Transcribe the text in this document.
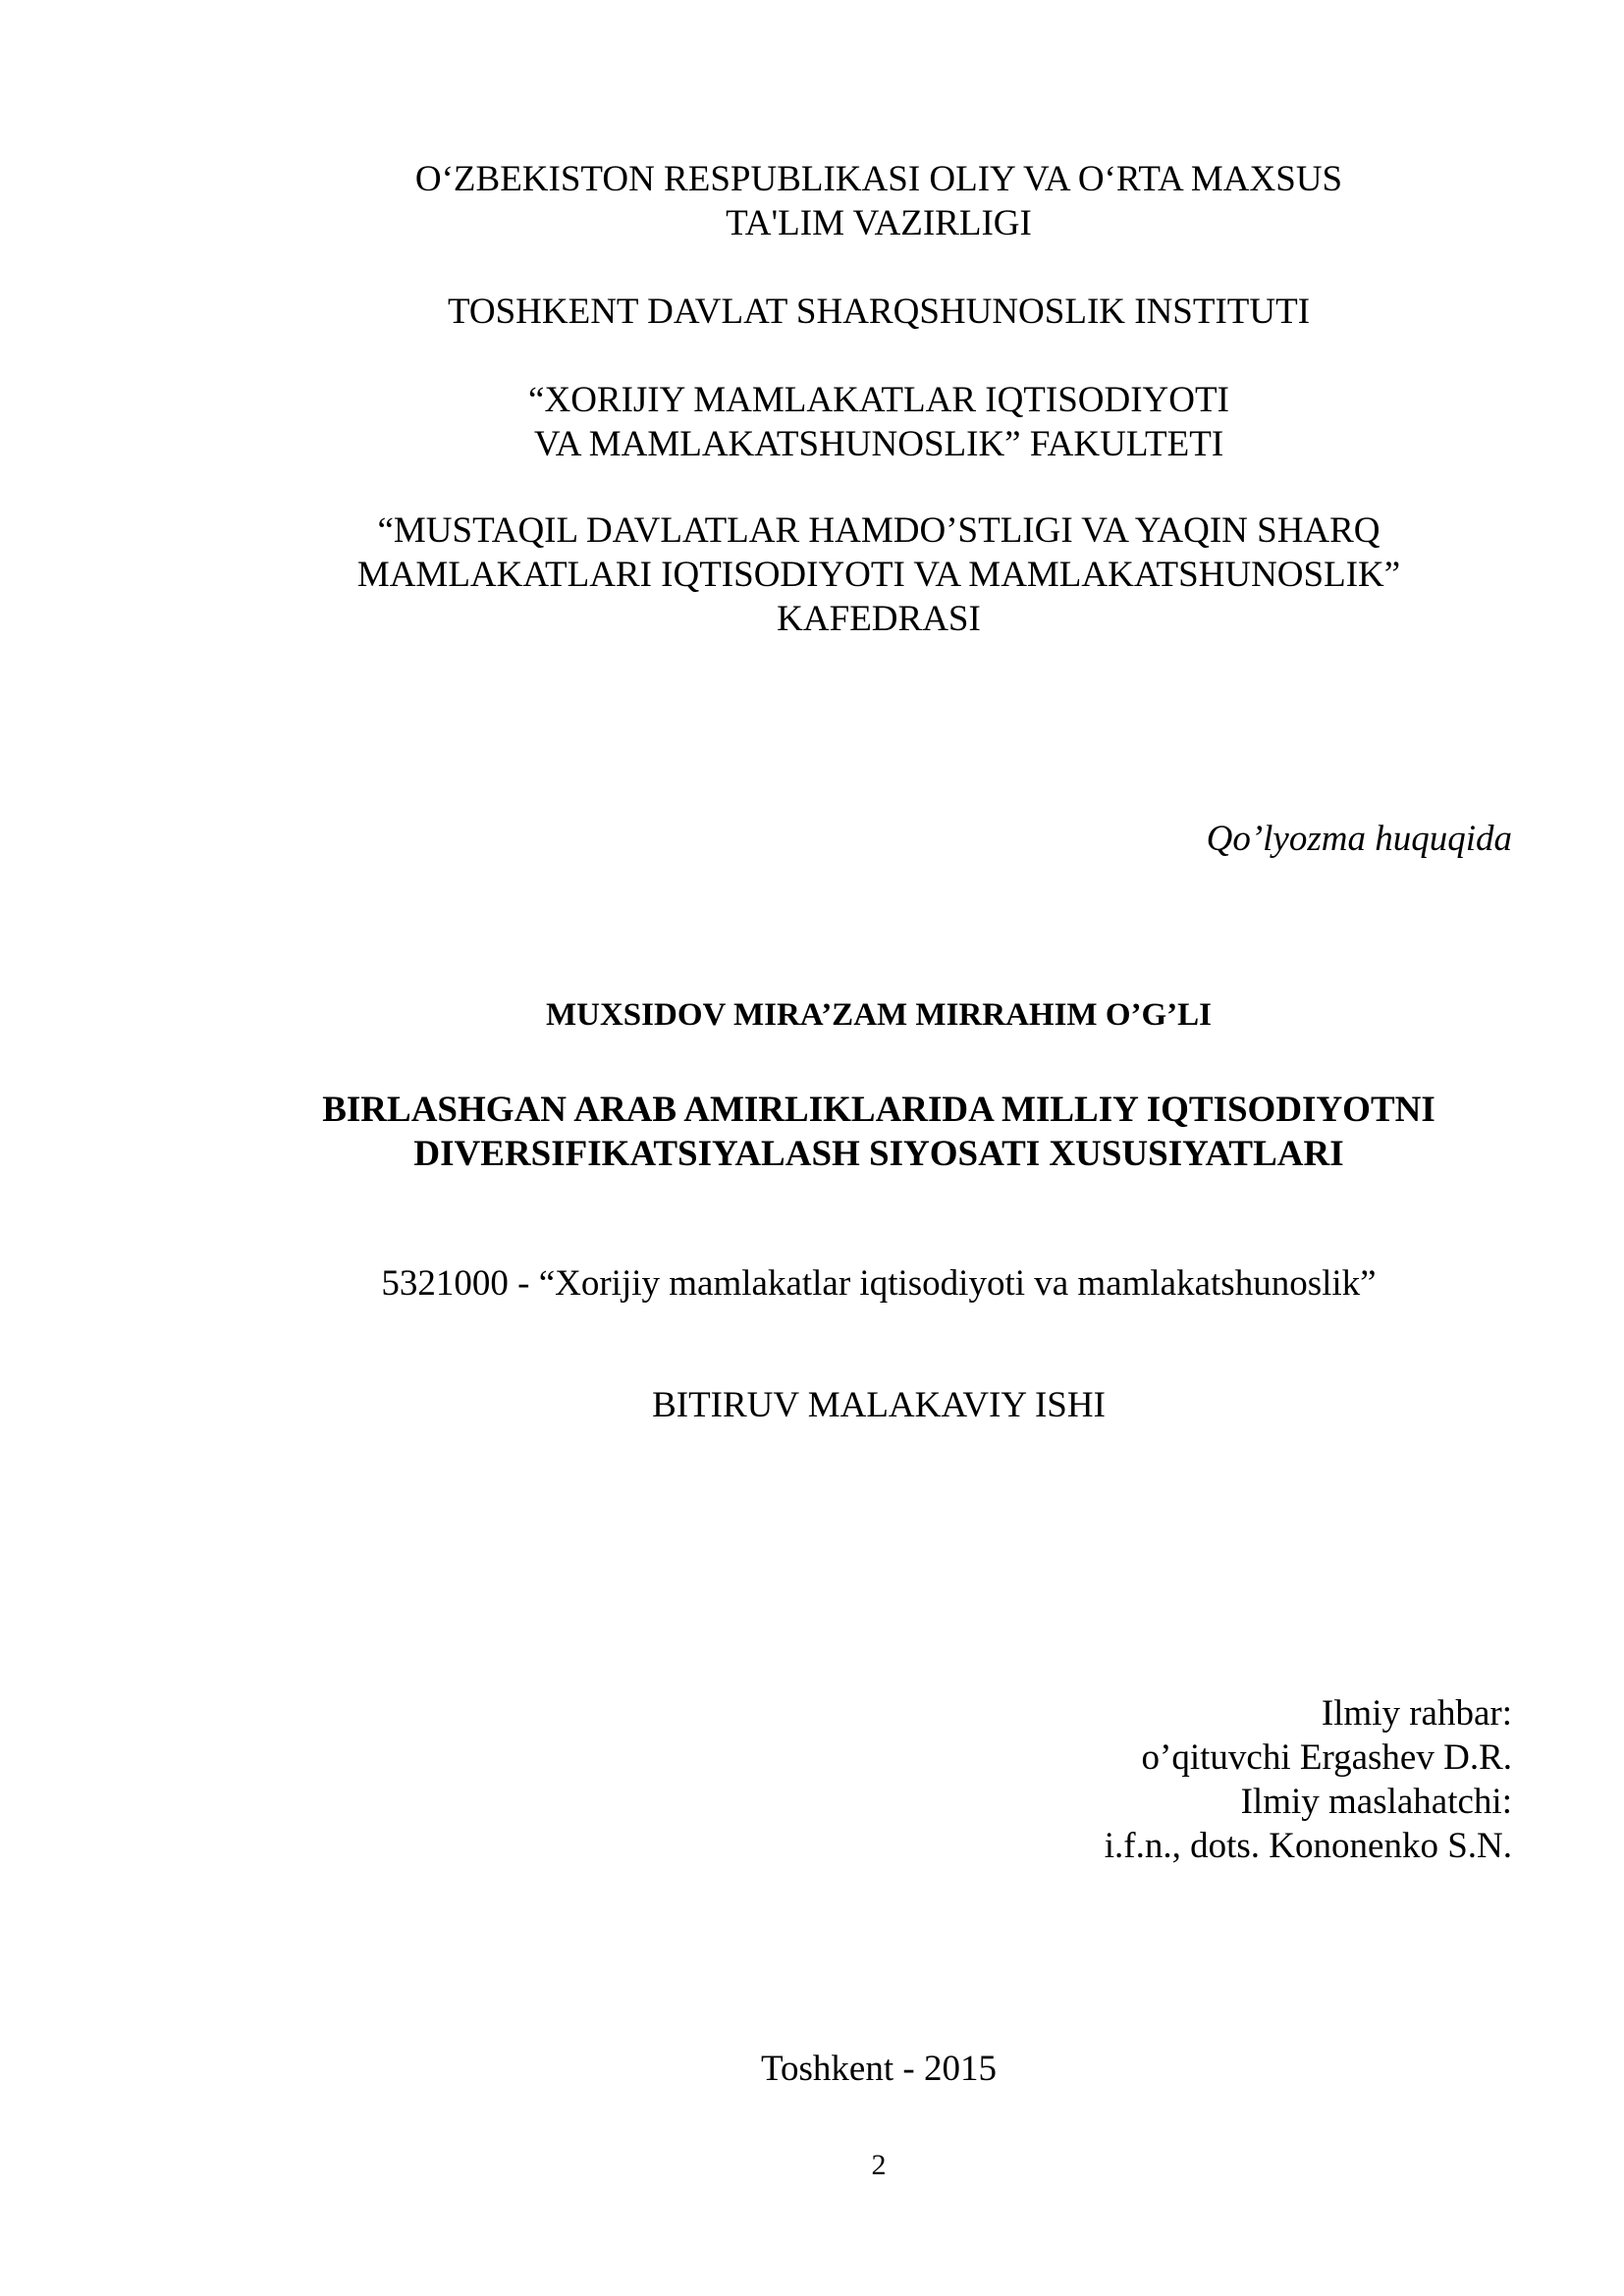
O‘ZBEKISTON RESPUBLIKASI OLIY VA O‘RTA MAXSUS
TA'LIM VAZIRLIGI
TOSHKENT DAVLAT SHARQSHUNOSLIK INSTITUTI
“XORIJIY MAMLAKATLAR IQTISODIYOTI
VA MAMLAKATSHUNOSLIK” FAKULTETI
“MUSTAQIL DAVLATLAR HAMDO’STLIGI VA YAQIN SHARQ
MAMLAKATLARI IQTISODIYOTI VA MAMLAKATSHUNOSLIK”
KAFEDRASI
Qo’lyozma huquqida
MUXSIDOV MIRA’ZAM MIRRAHIM O’G’LI
BIRLASHGAN ARAB AMIRLIKLARIDA MILLIY IQTISODIYOTNI
DIVERSIFIKATSIYALASH SIYOSATI XUSUSIYATLARI
5321000 - “Xorijiy mamlakatlar iqtisodiyoti va mamlakatshunoslik”
BITIRUV MALAKAVIY ISHI
Ilmiy rahbar:
o’qituvchi Ergashev D.R.
Ilmiy maslahatchi:
i.f.n., dots. Kononenko S.N.
Toshkent - 2015
2
